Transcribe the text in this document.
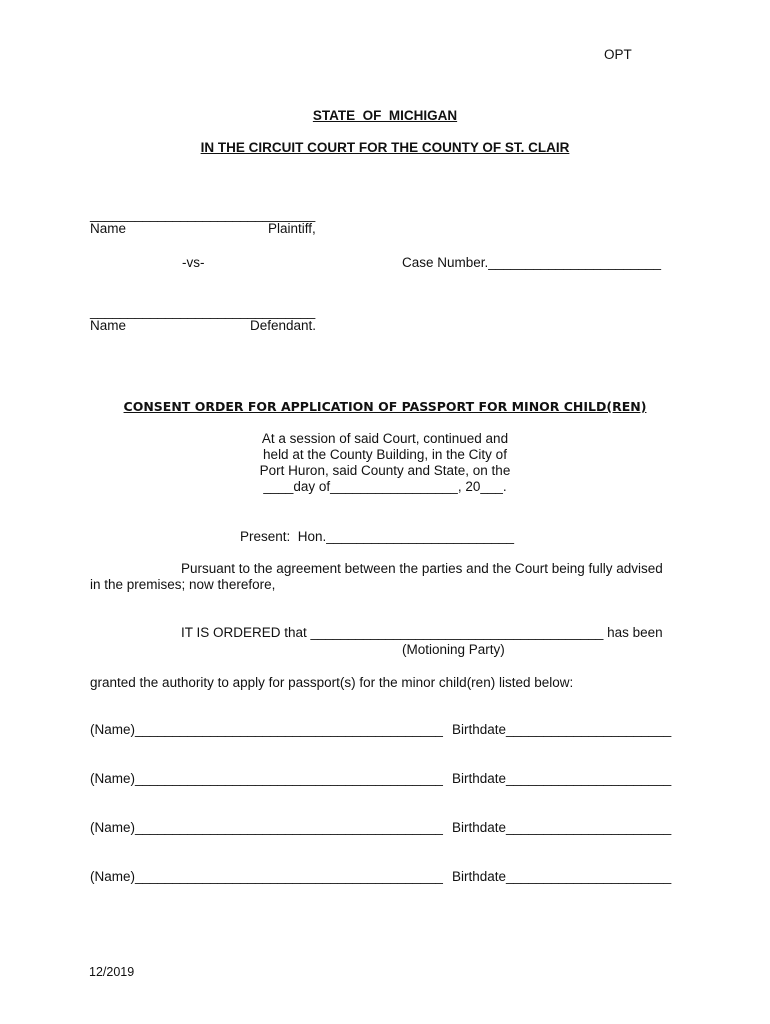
OPT
STATE  OF  MICHIGAN
IN THE CIRCUIT COURT FOR THE COUNTY OF ST. CLAIR
______________________________
Name	Plaintiff,
-vs-	Case Number._______________________
______________________________
Name	Defendant.
CONSENT ORDER FOR APPLICATION OF PASSPORT FOR MINOR CHILD(REN)
At a session of said Court, continued and
held at the County Building, in the City of
Port Huron, said County and State, on the
____day of_________________, 20___.
Present:  Hon._________________________
Pursuant to the agreement between the parties and the Court being fully advised
in the premises; now therefore,
IT IS ORDERED that _______________________________________ has been
(Motioning Party)
granted the authority to apply for passport(s) for the minor child(ren) listed below:
(Name)_________________________________________ Birthdate______________________
(Name)_________________________________________ Birthdate______________________
(Name)_________________________________________ Birthdate______________________
(Name)_________________________________________ Birthdate______________________
12/2019
